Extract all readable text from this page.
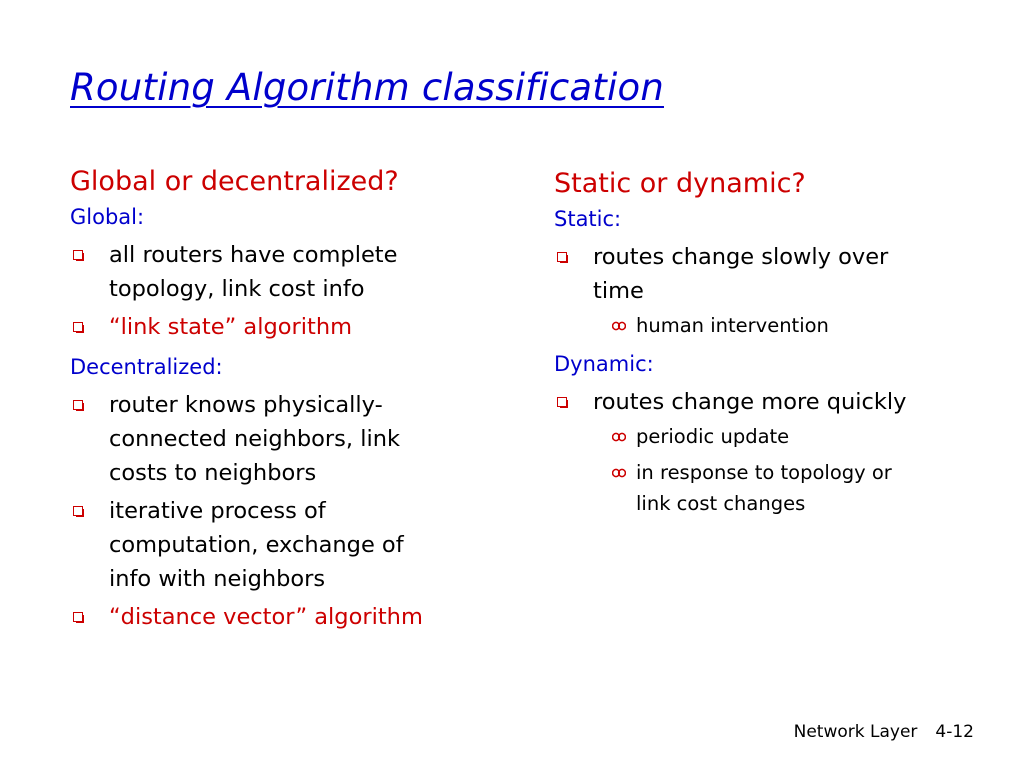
Routing Algorithm classification
Global or decentralized?
Global:
all routers have complete
topology, link cost info
“link state” algorithm
Decentralized:
router knows physically-
connected neighbors, link
costs to neighbors
iterative process of
computation, exchange of
info with neighbors
“distance vector” algorithm
Static or dynamic?
Static:
routes change slowly over
time
human intervention
Dynamic:
routes change more quickly
periodic update
in response to topology or
link cost changes
Network Layer 4-12
